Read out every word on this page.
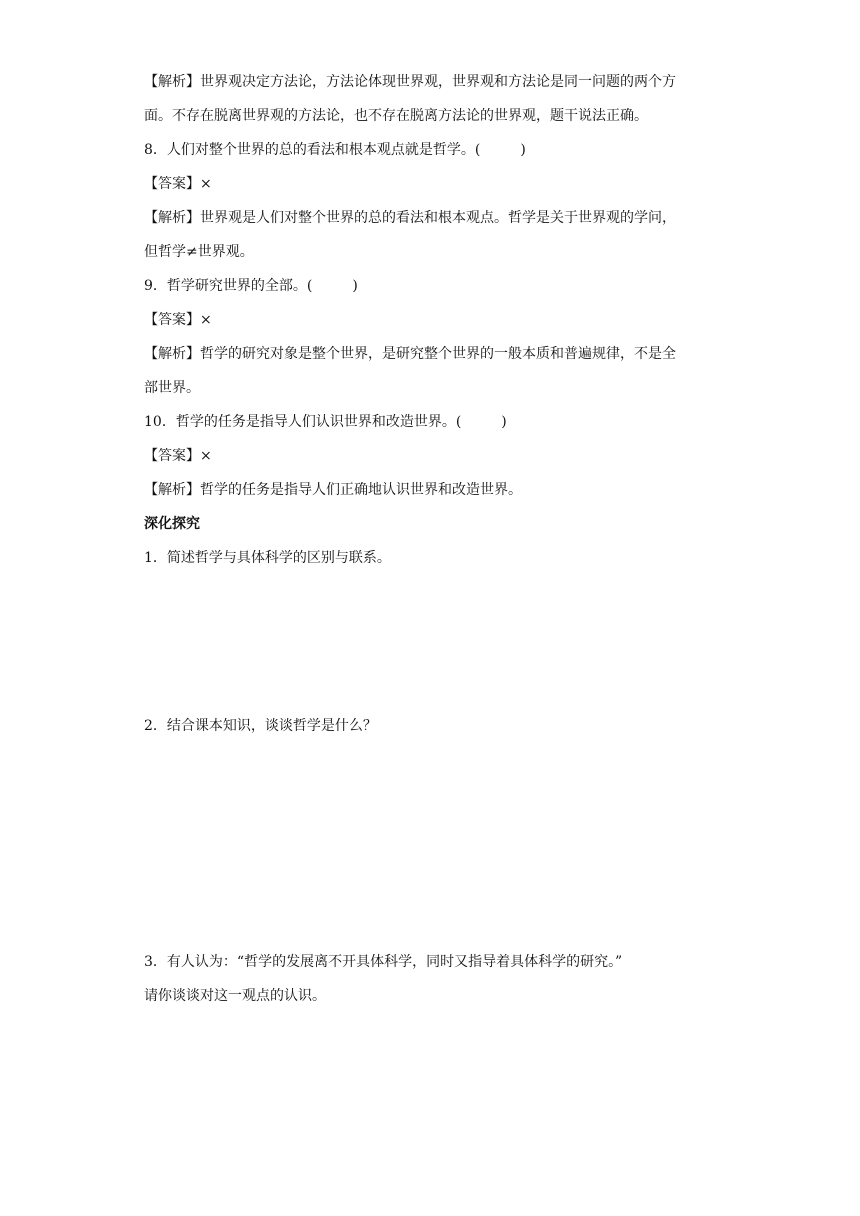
【解析】世界观决定方法论，方法论体现世界观，世界观和方法论是同一问题的两个方
面。不存在脱离世界观的方法论，也不存在脱离方法论的世界观，题干说法正确。
8．人们对整个世界的总的看法和根本观点就是哲学。(	)
【答案】×
【解析】世界观是人们对整个世界的总的看法和根本观点。哲学是关于世界观的学问，
但哲学≠世界观。
9．哲学研究世界的全部。(	)
【答案】×
【解析】哲学的研究对象是整个世界，是研究整个世界的一般本质和普遍规律，不是全
部世界。
10．哲学的任务是指导人们认识世界和改造世界。(	)
【答案】×
【解析】哲学的任务是指导人们正确地认识世界和改造世界。
深化探究
1．简述哲学与具体科学的区别与联系。
2．结合课本知识，谈谈哲学是什么？
3．有人认为：“哲学的发展离不开具体科学，同时又指导着具体科学的研究。”
请你谈谈对这一观点的认识。
